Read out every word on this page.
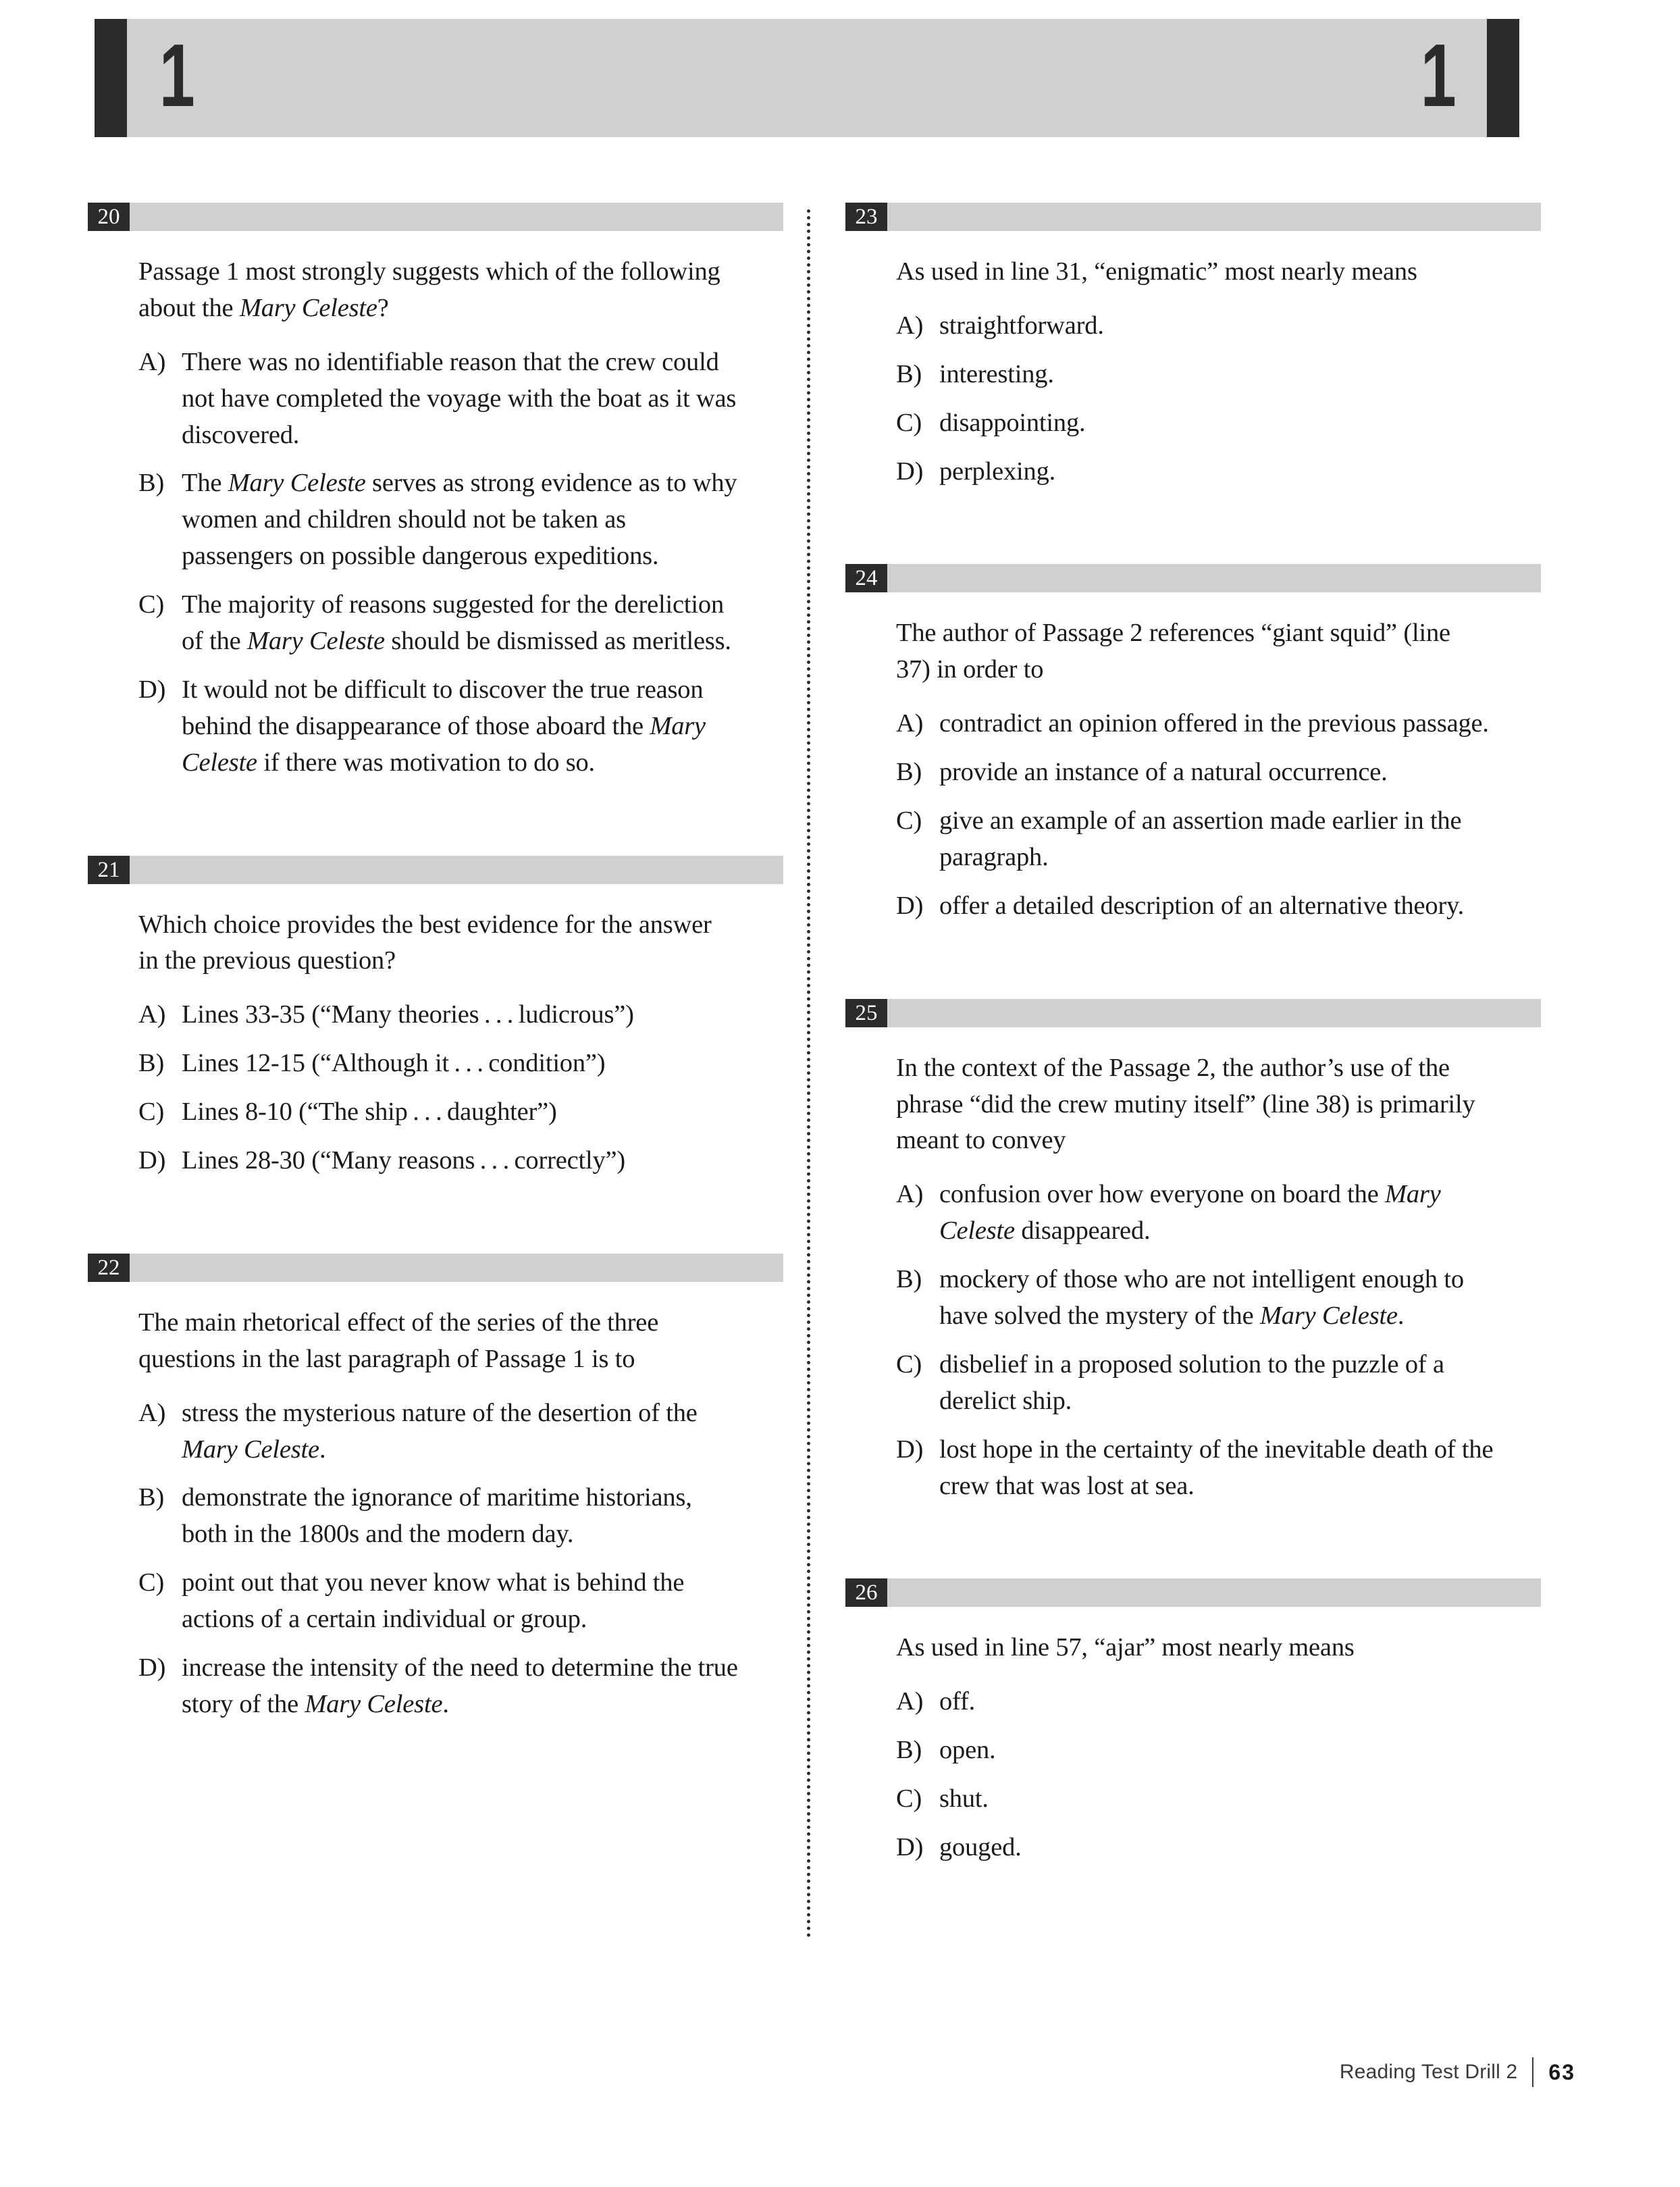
1	1
20
Passage 1 most strongly suggests which of the following about the Mary Celeste?
A) There was no identifiable reason that the crew could not have completed the voyage with the boat as it was discovered.
B) The Mary Celeste serves as strong evidence as to why women and children should not be taken as passengers on possible dangerous expeditions.
C) The majority of reasons suggested for the dereliction of the Mary Celeste should be dismissed as meritless.
D) It would not be difficult to discover the true reason behind the disappearance of those aboard the Mary Celeste if there was motivation to do so.
21
Which choice provides the best evidence for the answer in the previous question?
A) Lines 33-35 (“Many theories . . . ludicrous”)
B) Lines 12-15 (“Although it . . . condition”)
C) Lines 8-10 (“The ship . . . daughter”)
D) Lines 28-30 (“Many reasons . . . correctly”)
22
The main rhetorical effect of the series of the three questions in the last paragraph of Passage 1 is to
A) stress the mysterious nature of the desertion of the Mary Celeste.
B) demonstrate the ignorance of maritime historians, both in the 1800s and the modern day.
C) point out that you never know what is behind the actions of a certain individual or group.
D) increase the intensity of the need to determine the true story of the Mary Celeste.
23
As used in line 31, “enigmatic” most nearly means
A) straightforward.
B) interesting.
C) disappointing.
D) perplexing.
24
The author of Passage 2 references “giant squid” (line 37) in order to
A) contradict an opinion offered in the previous passage.
B) provide an instance of a natural occurrence.
C) give an example of an assertion made earlier in the paragraph.
D) offer a detailed description of an alternative theory.
25
In the context of the Passage 2, the author’s use of the phrase “did the crew mutiny itself” (line 38) is primarily meant to convey
A) confusion over how everyone on board the Mary Celeste disappeared.
B) mockery of those who are not intelligent enough to have solved the mystery of the Mary Celeste.
C) disbelief in a proposed solution to the puzzle of a derelict ship.
D) lost hope in the certainty of the inevitable death of the crew that was lost at sea.
26
As used in line 57, “ajar” most nearly means
A) off.
B) open.
C) shut.
D) gouged.
Reading Test Drill 2 63
